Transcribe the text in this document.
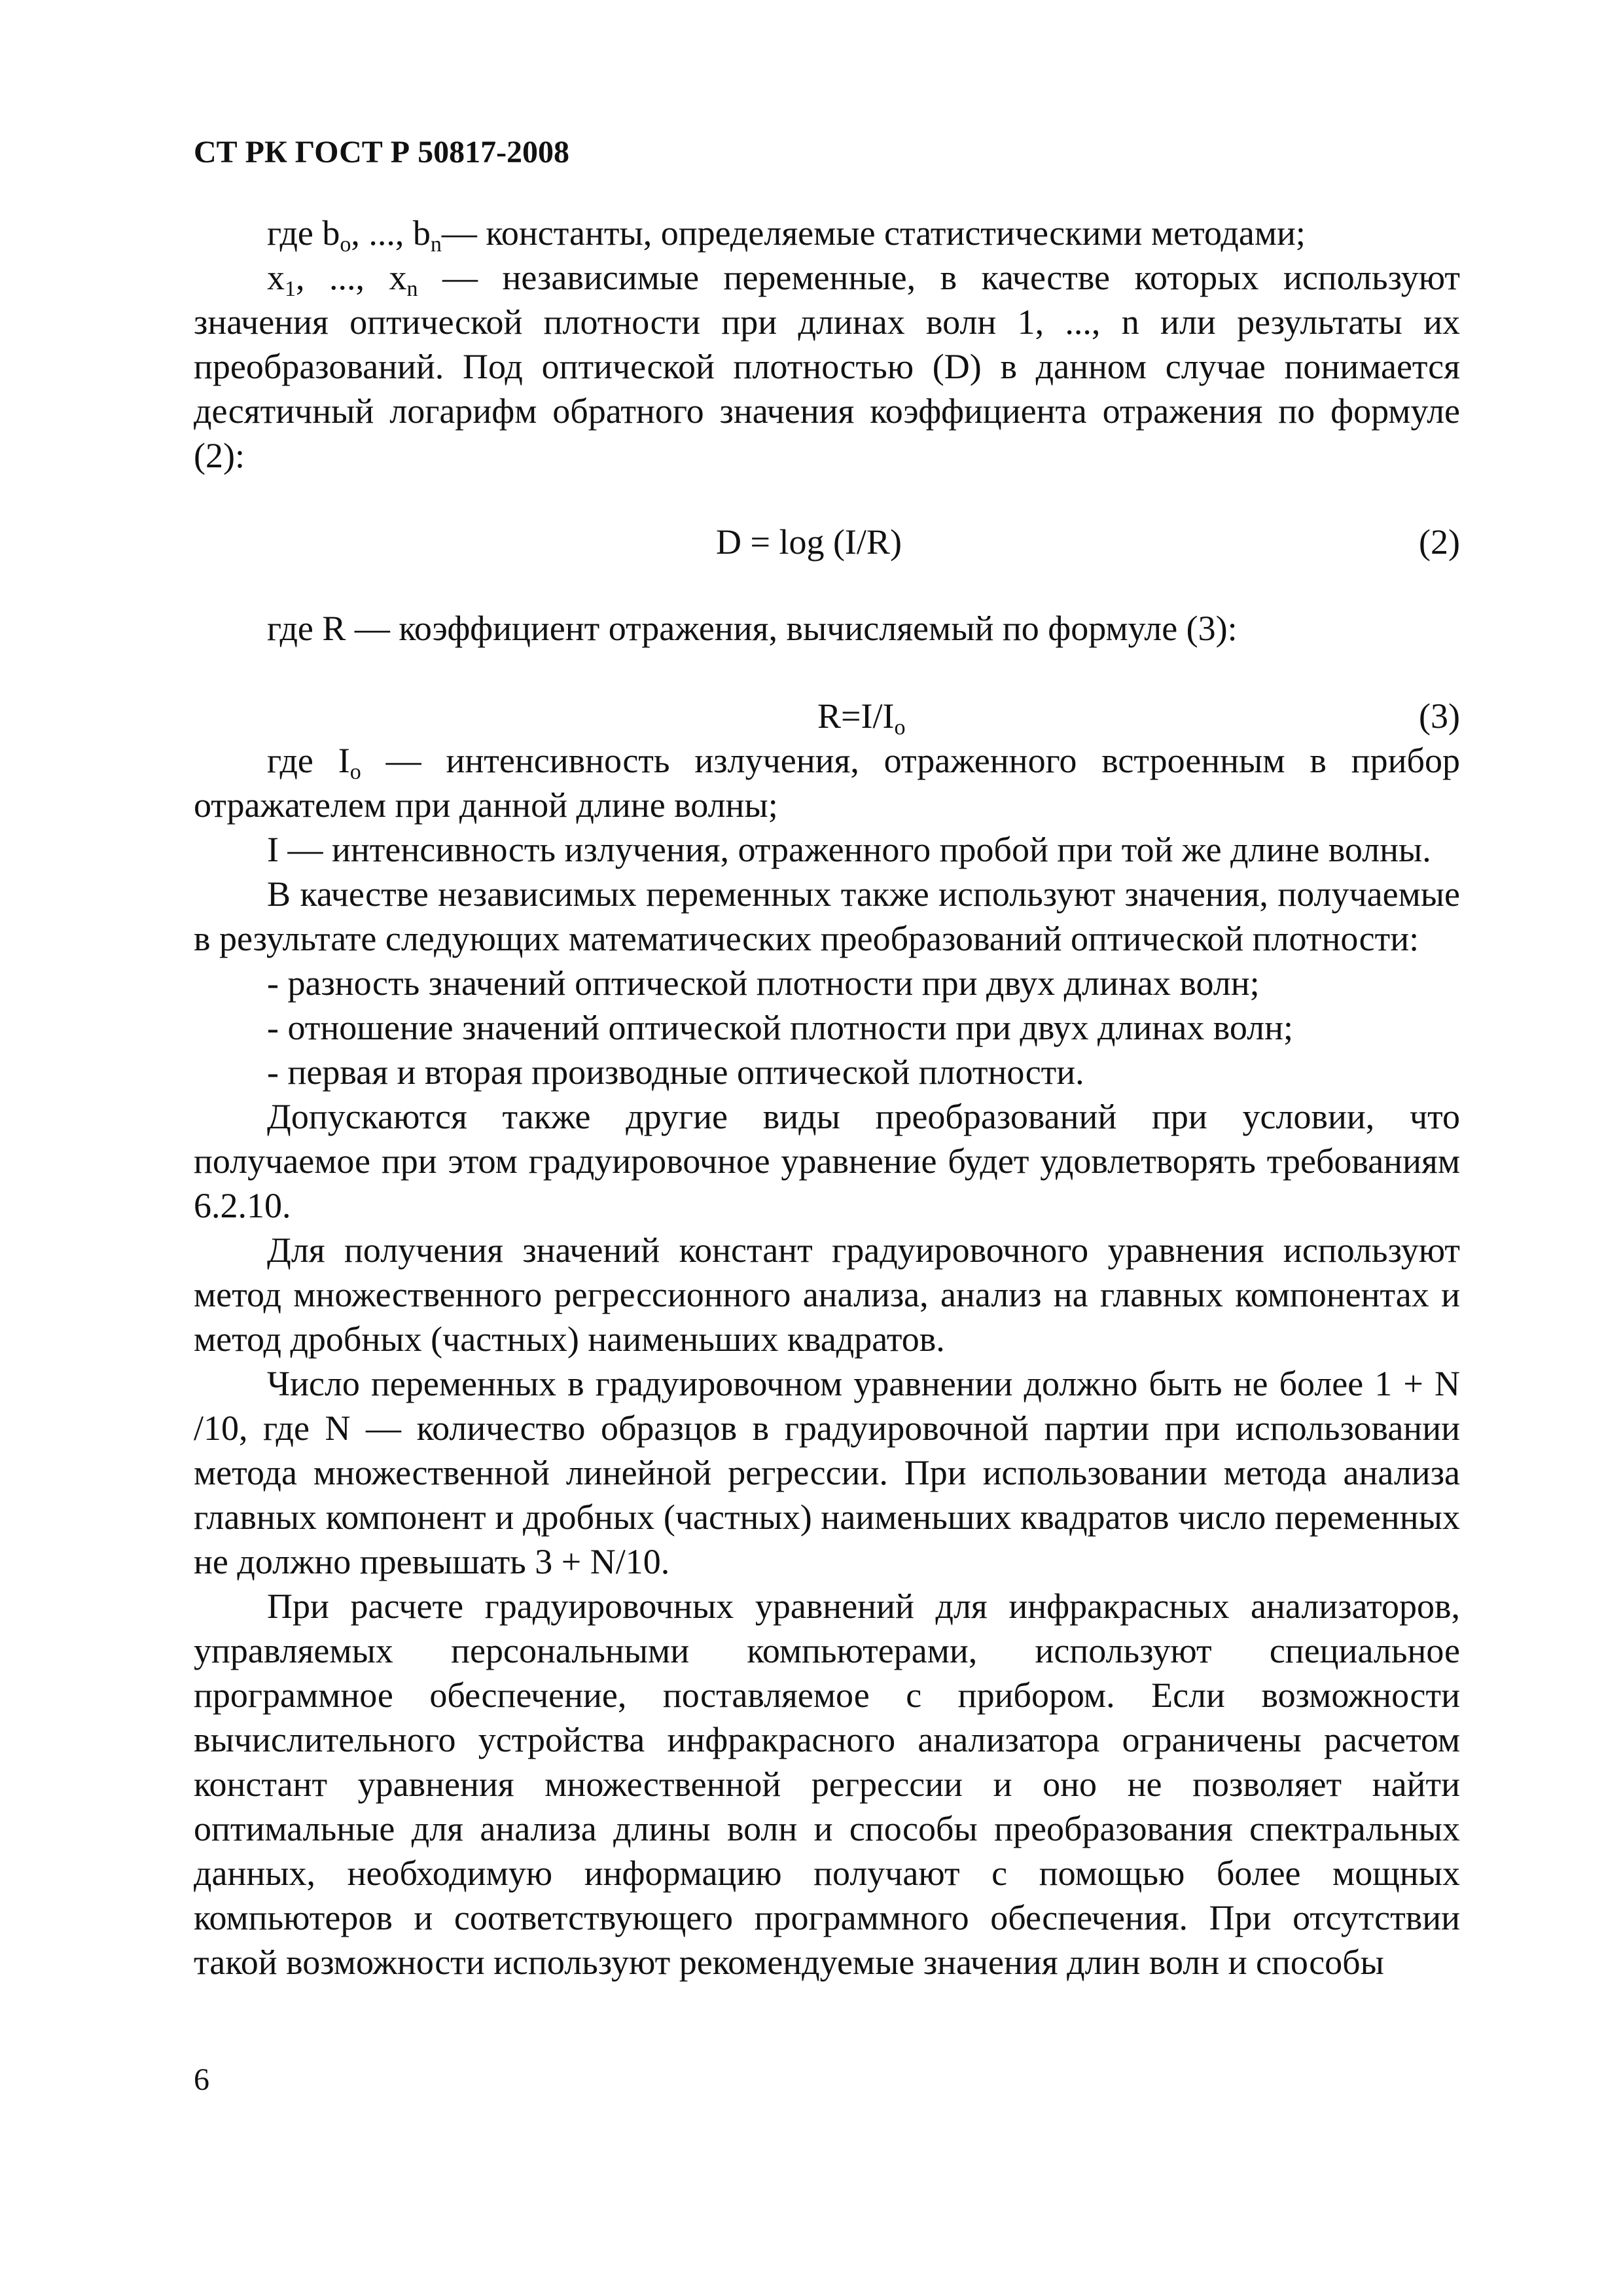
СТ РК ГОСТ Р 50817-2008

где $b_o$, ..., $b_n—$ константы, определяемые статистическими методами;

$x_1$, ..., $x_n$ — независимые переменные, в качестве которых используют значения оптической плотности при длинах волн 1, ..., n или результаты их преобразований. Под оптической плотностью (D) в данном случае понимается десятичный логарифм обратного значения коэффициента отражения по формуле (2):

D = log (I/R)	(2)

где R — коэффициент отражения, вычисляемый по формуле (3):

$R=I/I_o$	(3)

где $I_o$ — интенсивность излучения, отраженного встроенным в прибор отражателем при данной длине волны;

I — интенсивность излучения, отраженного пробой при той же длине волны.

В качестве независимых переменных также используют значения, получаемые в результате следующих математических преобразований оптической плотности:

- разность значений оптической плотности при двух длинах волн;

- отношение значений оптической плотности при двух длинах волн;

- первая и вторая производные оптической плотности.

Допускаются также другие виды преобразований при условии, что получаемое при этом градуировочное уравнение будет удовлетворять требованиям 6.2.10.

Для получения значений констант градуировочного уравнения используют метод множественного регрессионного анализа, анализ на главных компонентах и метод дробных (частных) наименьших квадратов.

Число переменных в градуировочном уравнении должно быть не более 1 + N /10, где N — количество образцов в градуировочной партии при использовании метода множественной линейной регрессии. При использовании метода анализа главных компонент и дробных (частных) наименьших квадратов число переменных не должно превышать 3 + N/10.

При расчете градуировочных уравнений для инфракрасных анализаторов, управляемых персональными компьютерами, используют специальное программное обеспечение, поставляемое с прибором. Если возможности вычислительного устройства инфракрасного анализатора ограничены расчетом констант уравнения множественной регрессии и оно не позволяет найти оптимальные для анализа длины волн и способы преобразования спектральных данных, необходимую информацию получают с помощью более мощных компьютеров и соответствующего программного обеспечения. При отсутствии такой возможности используют рекомендуемые значения длин волн и способы

6
